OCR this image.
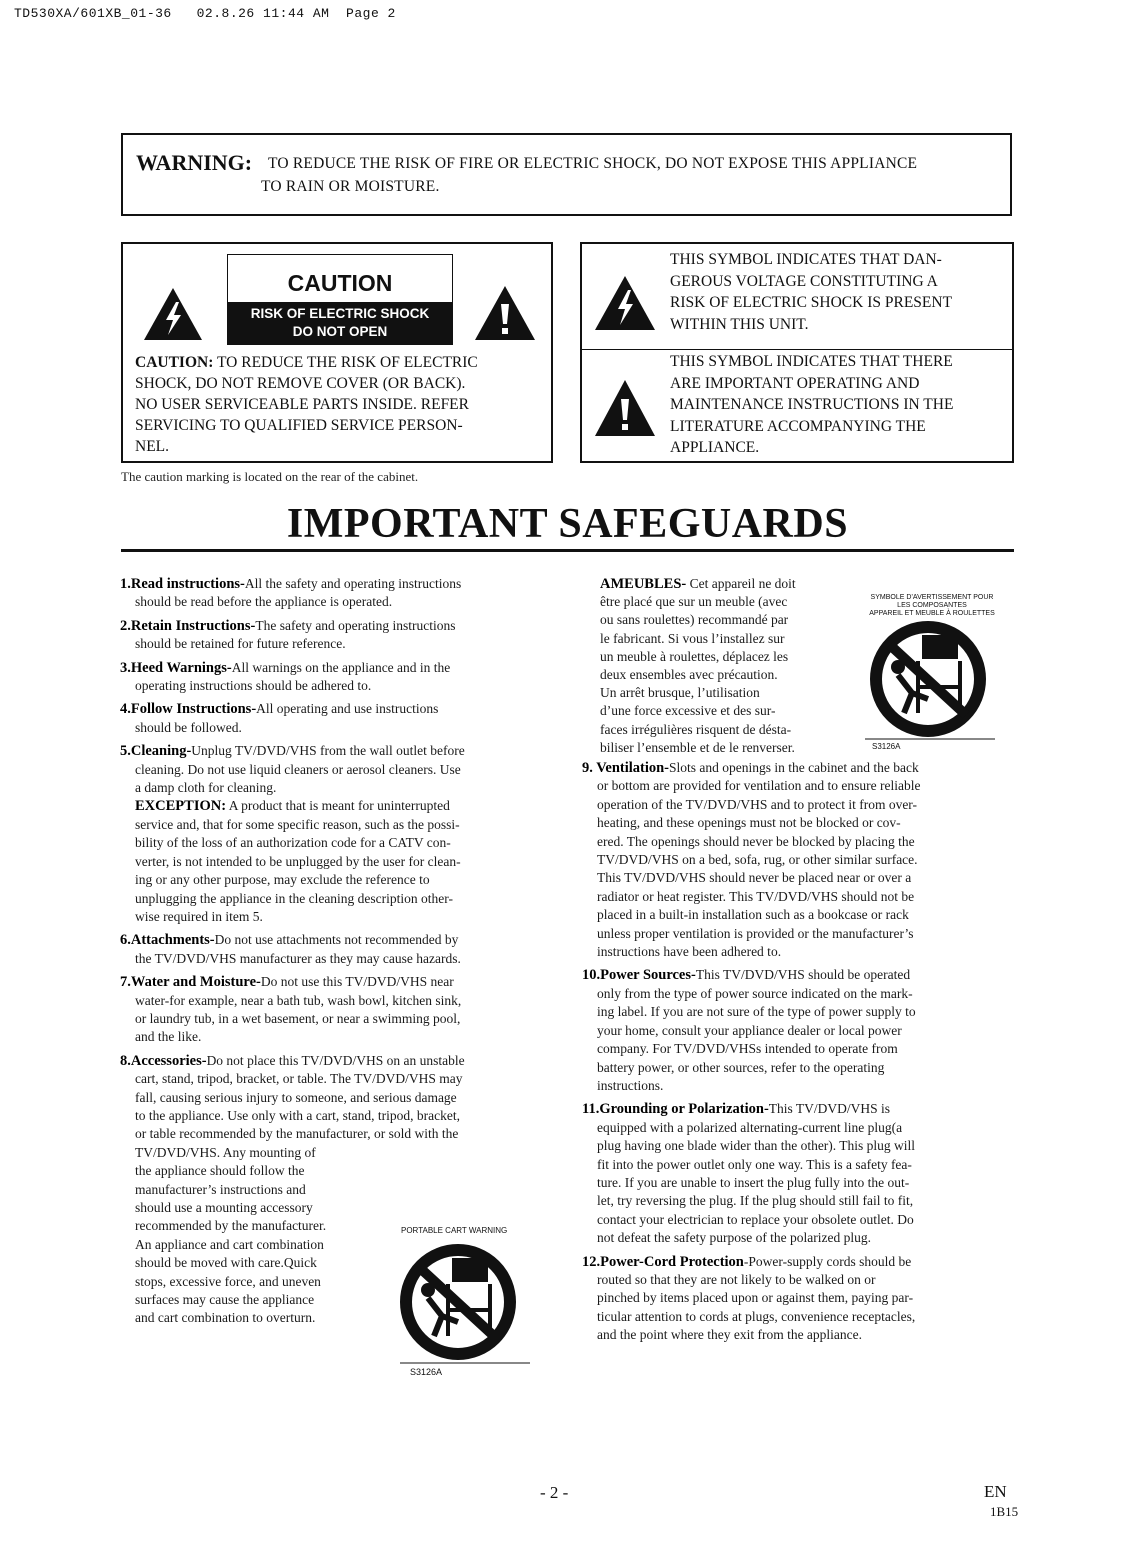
TD530XA/601XB_01-36   02.8.26 11:44 AM  Page 2
WARNING: TO REDUCE THE RISK OF FIRE OR ELECTRIC SHOCK, DO NOT EXPOSE THIS APPLIANCE
TO RAIN OR MOISTURE.
CAUTION
RISK OF ELECTRIC SHOCK
DO NOT OPEN
CAUTION: TO REDUCE THE RISK OF ELECTRIC
SHOCK, DO NOT REMOVE COVER (OR BACK).
NO USER SERVICEABLE PARTS INSIDE. REFER
SERVICING TO QUALIFIED SERVICE PERSON-
NEL.
THIS SYMBOL INDICATES THAT DAN-
GEROUS VOLTAGE CONSTITUTING A
RISK OF ELECTRIC SHOCK IS PRESENT
WITHIN THIS UNIT.
THIS SYMBOL INDICATES THAT THERE
ARE IMPORTANT OPERATING AND
MAINTENANCE INSTRUCTIONS IN THE
LITERATURE ACCOMPANYING THE
APPLIANCE.
The caution marking is located on the rear of the cabinet.
IMPORTANT SAFEGUARDS
1.Read instructions-All the safety and operating instructions
should be read before the appliance is operated.
2.Retain Instructions-The safety and operating instructions
should be retained for future reference.
3.Heed Warnings-All warnings on the appliance and in the
operating instructions should be adhered to.
4.Follow Instructions-All operating and use instructions
should be followed.
5.Cleaning-Unplug TV/DVD/VHS from the wall outlet before
cleaning. Do not use liquid cleaners or aerosol cleaners. Use
a damp cloth for cleaning.
EXCEPTION: A product that is meant for uninterrupted
service and, that for some specific reason, such as the possi-
bility of the loss of an authorization code for a CATV con-
verter, is not intended to be unplugged by the user for clean-
ing or any other purpose, may exclude the reference to
unplugging the appliance in the cleaning description other-
wise required in item 5.
6.Attachments-Do not use attachments not recommended by
the TV/DVD/VHS manufacturer as they may cause hazards.
7.Water and Moisture-Do not use this TV/DVD/VHS near
water-for example, near a bath tub, wash bowl, kitchen sink,
or laundry tub, in a wet basement, or near a swimming pool,
and the like.
8.Accessories-Do not place this TV/DVD/VHS on an unstable
cart, stand, tripod, bracket, or table. The TV/DVD/VHS may
fall, causing serious injury to someone, and serious damage
to the appliance. Use only with a cart, stand, tripod, bracket,
or table recommended by the manufacturer, or sold with the
TV/DVD/VHS. Any mounting of
the appliance should follow the
manufacturer’s instructions and
should use a mounting accessory
recommended by the manufacturer.
An appliance and cart combination
should be moved with care.Quick
stops, excessive force, and uneven
surfaces may cause the appliance
and cart combination to overturn.
PORTABLE CART WARNING
S3126A
AMEUBLES- Cet appareil ne doit
être placé que sur un meuble (avec
ou sans roulettes) recommandé par
le fabricant. Si vous l’installez sur
un meuble à roulettes, déplacez les
deux ensembles avec précaution.
Un arrêt brusque, l’utilisation
d’une force excessive et des sur-
faces irrégulières risquent de désta-
biliser l’ensemble et de le renverser.
SYMBOLE D’AVERTISSEMENT POUR
LES COMPOSANTES
APPAREIL ET MEUBLE À ROULETTES
S3126A
9. Ventilation-Slots and openings in the cabinet and the back
or bottom are provided for ventilation and to ensure reliable
operation of the TV/DVD/VHS and to protect it from over-
heating, and these openings must not be blocked or cov-
ered. The openings should never be blocked by placing the
TV/DVD/VHS on a bed, sofa, rug, or other similar surface.
This TV/DVD/VHS should never be placed near or over a
radiator or heat register. This TV/DVD/VHS should not be
placed in a built-in installation such as a bookcase or rack
unless proper ventilation is provided or the manufacturer’s
instructions have been adhered to.
10.Power Sources-This TV/DVD/VHS should be operated
only from the type of power source indicated on the mark-
ing label. If you are not sure of the type of power supply to
your home, consult your appliance dealer or local power
company. For TV/DVD/VHSs intended to operate from
battery power, or other sources, refer to the operating
instructions.
11.Grounding or Polarization-This TV/DVD/VHS is
equipped with a polarized alternating-current line plug(a
plug having one blade wider than the other). This plug will
fit into the power outlet only one way. This is a safety fea-
ture. If you are unable to insert the plug fully into the out-
let, try reversing the plug. If the plug should still fail to fit,
contact your electrician to replace your obsolete outlet. Do
not defeat the safety purpose of the polarized plug.
12.Power-Cord Protection-Power-supply cords should be
routed so that they are not likely to be walked on or
pinched by items placed upon or against them, paying par-
ticular attention to cords at plugs, convenience receptacles,
and the point where they exit from the appliance.
- 2 -	EN
1B15
